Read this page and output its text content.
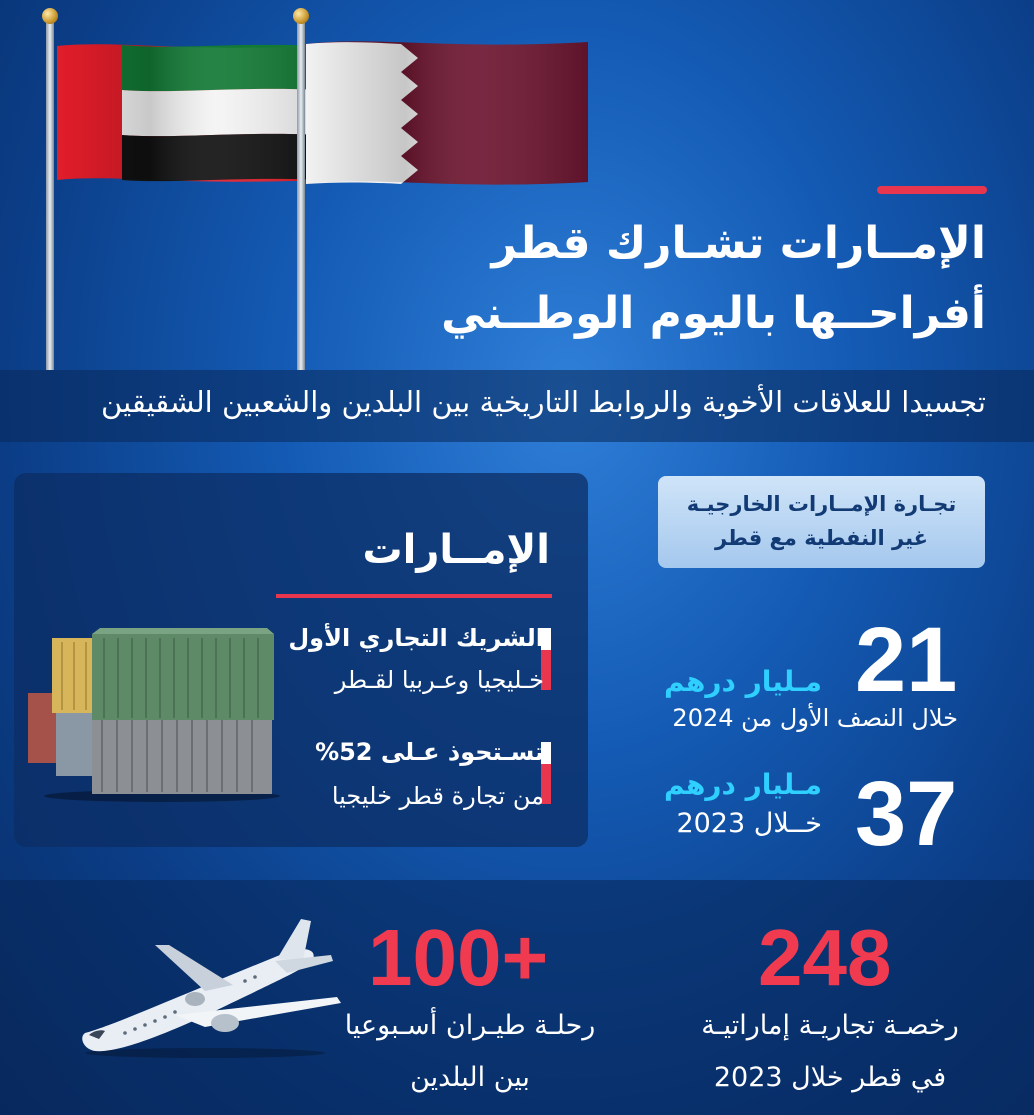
الإمــارات تشـارك قطر
أفراحــها باليوم الوطــني
تجسيدا للعلاقات الأخوية والروابط التاريخية بين البلدين والشعبين الشقيقين
الإمــارات
الشريك التجاري الأول
خـليجيا وعـربيا لقـطر
تسـتحوذ عـلى 52%
من تجارة قطر خليجيا
تجـارة الإمــارات الخارجيـة
غير النفطية مع قطر
21
مـليار درهم
خلال النصف الأول من 2024
37
مـليار درهم
خــلال 2023
100+
رحلـة طيـران أسـبوعيا
بين البلدين
248
رخصـة تجاريـة إماراتيـة
في قطر خلال 2023
